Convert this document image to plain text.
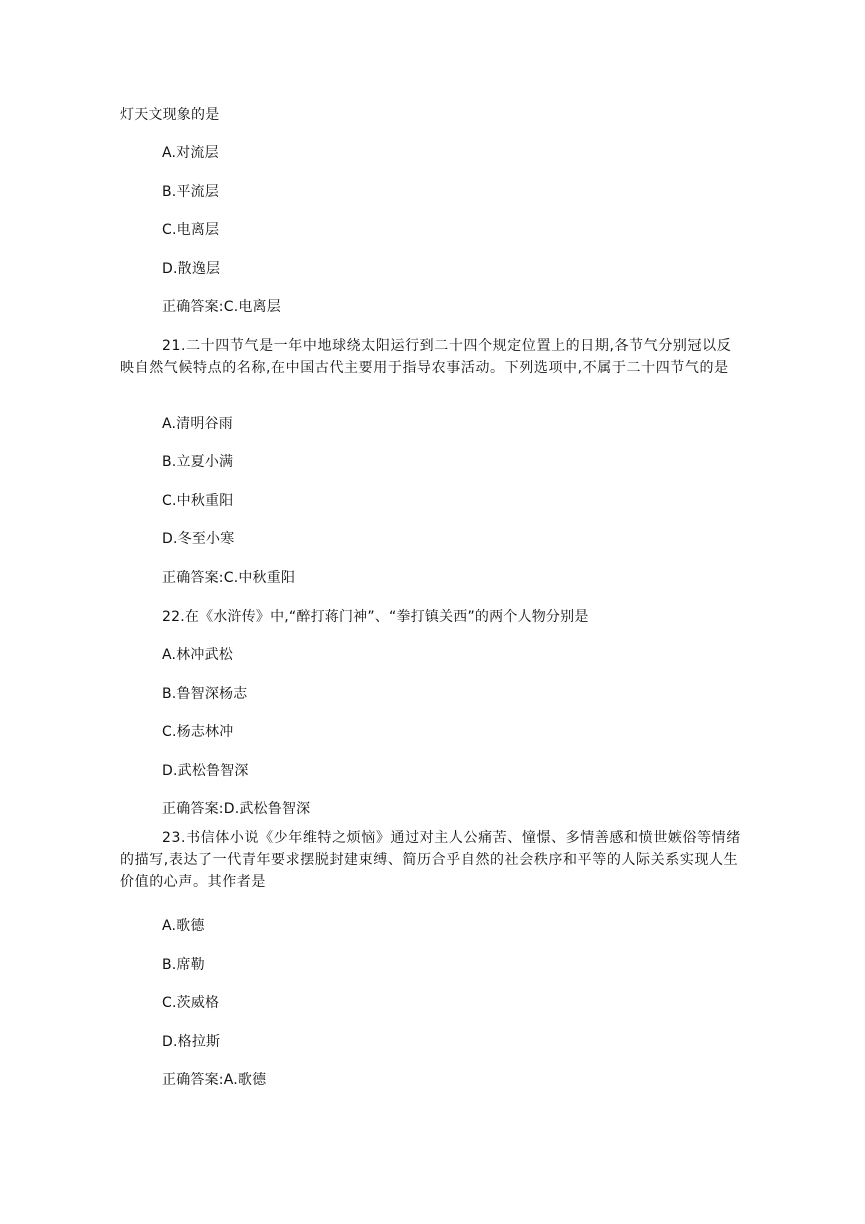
灯天文现象的是
A.对流层
B.平流层
C.电离层
D.散逸层
正确答案:C.电离层
21.二十四节气是一年中地球绕太阳运行到二十四个规定位置上的日期,各节气分别冠以反映自然气候特点的名称,在中国古代主要用于指导农事活动。下列选项中,不属于二十四节气的是
A.清明谷雨
B.立夏小满
C.中秋重阳
D.冬至小寒
正确答案:C.中秋重阳
22.在《水浒传》中,“醉打蒋门神”、“拳打镇关西”的两个人物分别是
A.林冲武松
B.鲁智深杨志
C.杨志林冲
D.武松鲁智深
正确答案:D.武松鲁智深
23.书信体小说《少年维特之烦恼》通过对主人公痛苦、憧憬、多情善感和愤世嫉俗等情绪的描写,表达了一代青年要求摆脱封建束缚、简历合乎自然的社会秩序和平等的人际关系实现人生价值的心声。其作者是
A.歌德
B.席勒
C.茨威格
D.格拉斯
正确答案:A.歌德
